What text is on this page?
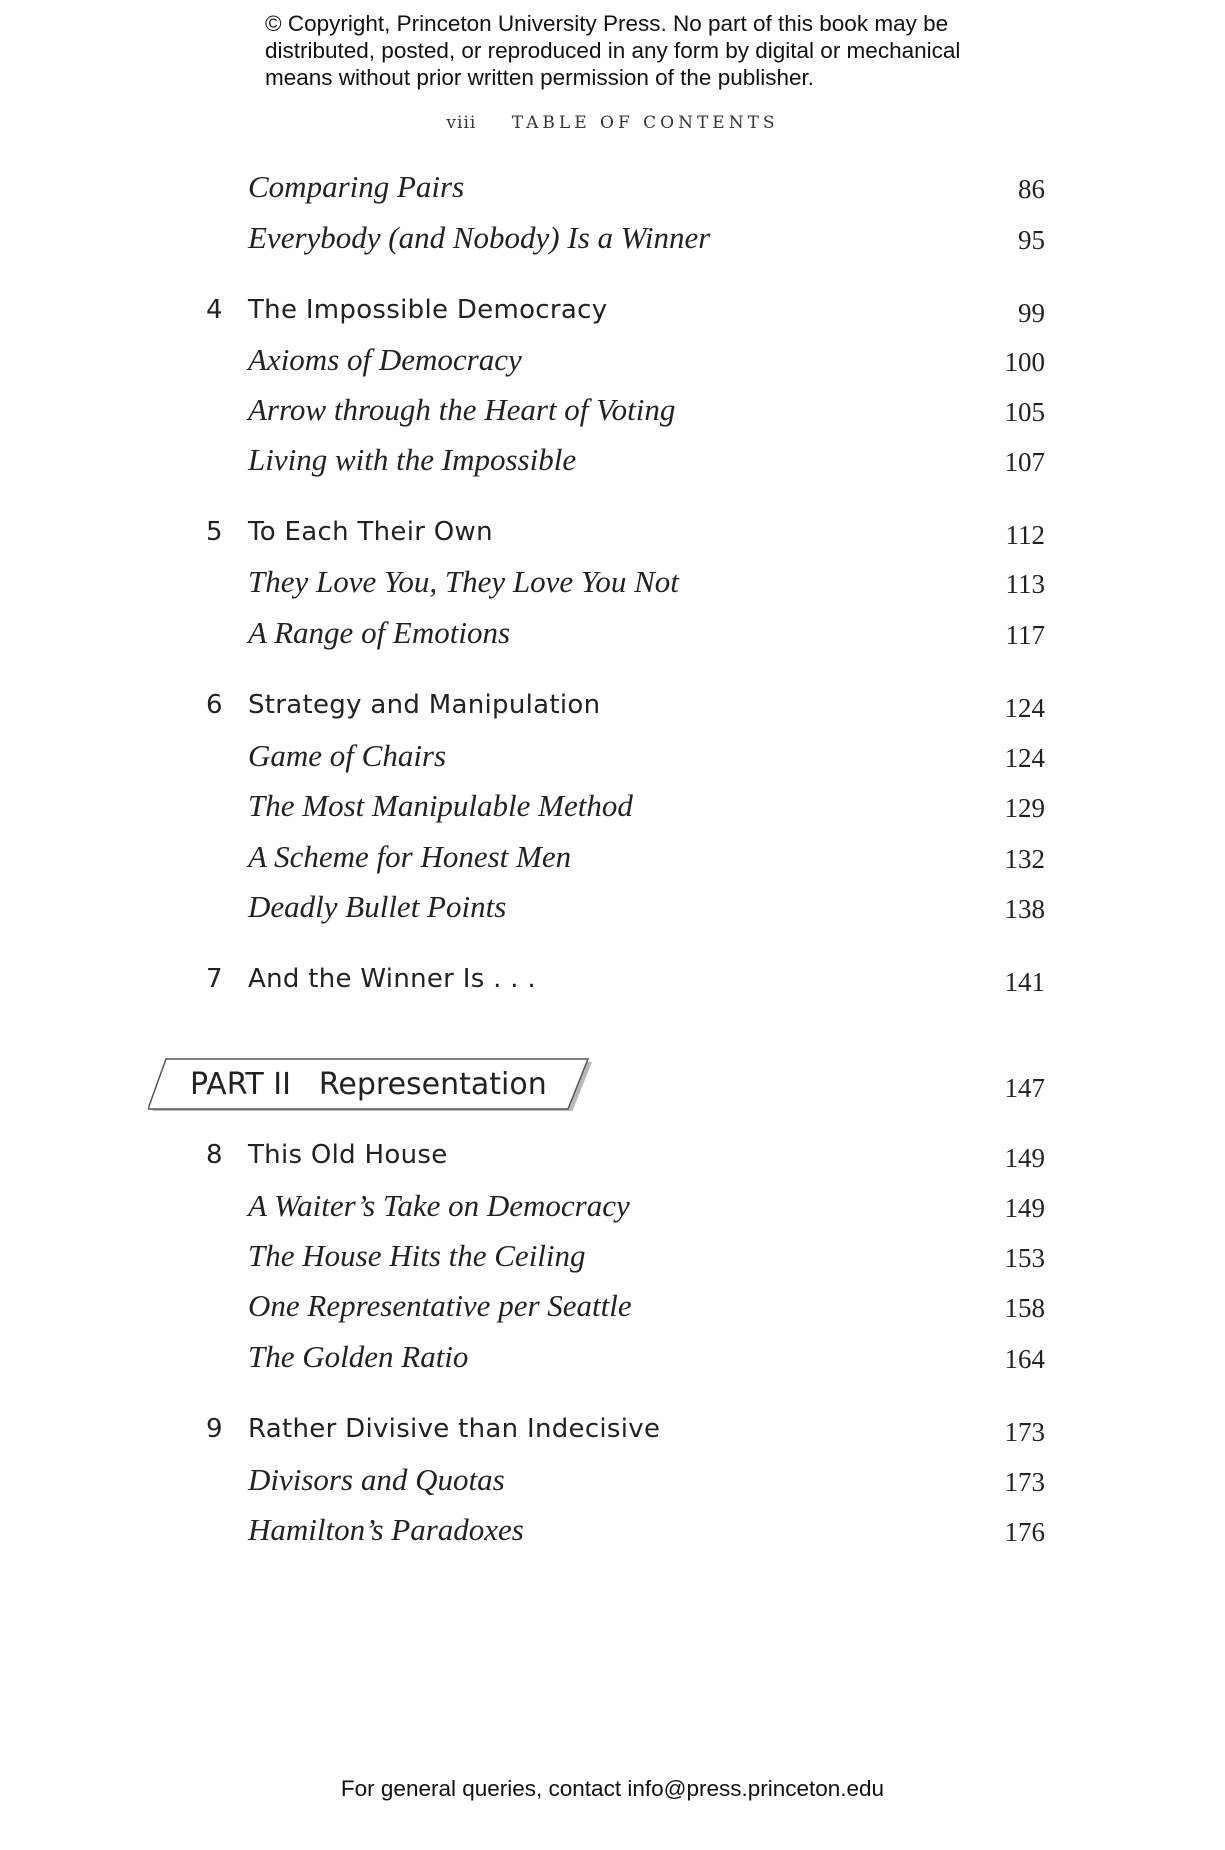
© Copyright, Princeton University Press. No part of this book may be
distributed, posted, or reproduced in any form by digital or mechanical
means without prior written permission of the publisher.
viii TABLE OF CONTENTS
Comparing Pairs	86
Everybody (and Nobody) Is a Winner	95
4 The Impossible Democracy	99
Axioms of Democracy	100
Arrow through the Heart of Voting	105
Living with the Impossible	107
5 To Each Their Own	112
They Love You, They Love You Not	113
A Range of Emotions	117
6 Strategy and Manipulation	124
Game of Chairs	124
The Most Manipulable Method	129
A Scheme for Honest Men	132
Deadly Bullet Points	138
7 And the Winner Is . . .	141
PART II Representation	147
8 This Old House	149
A Waiter’s Take on Democracy	149
The House Hits the Ceiling	153
One Representative per Seattle	158
The Golden Ratio	164
9 Rather Divisive than Indecisive	173
Divisors and Quotas	173
Hamilton’s Paradoxes	176
For general queries, contact info@press.princeton.edu
